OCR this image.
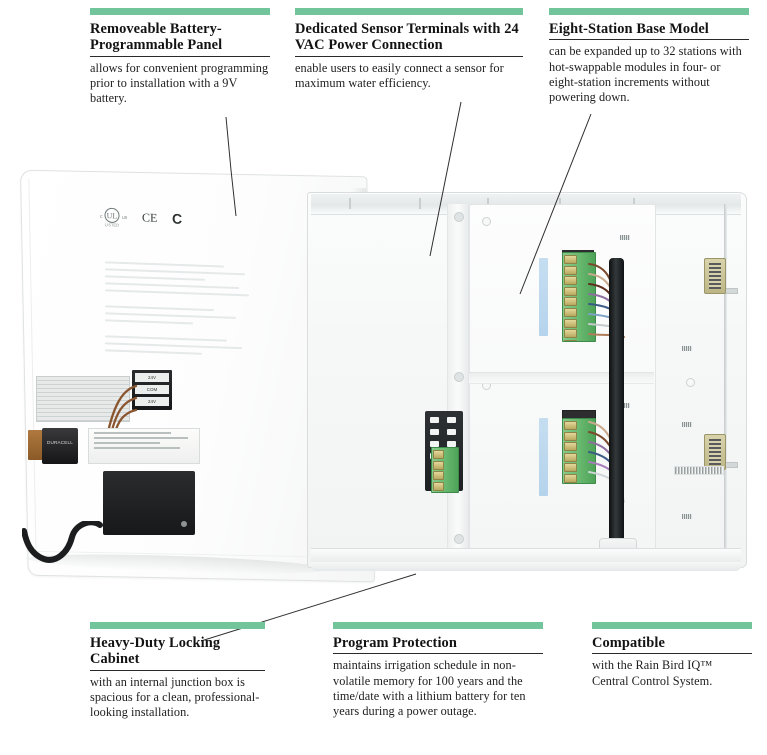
UL
c	us
LISTED CE C
24V
COM
24V
DURACELL
Removeable Battery-Programmable Panel
allows for convenient programming prior to installation with a 9V battery.
Dedicated Sensor Terminals with 24 VAC Power Connection
enable users to easily connect a sensor for maximum water efficiency.
Eight-Station Base Model
can be expanded up to 32 stations with hot-swappable modules in four- or eight-station increments without powering down.
Heavy-Duty Locking Cabinet
with an internal junction box is spacious for a clean, professional-looking installation.
Program Protection
maintains irrigation schedule in non-volatile memory for 100 years and the time/date with a lithium battery for ten years during a power outage.
Compatible
with the Rain Bird IQ™ Central Control System.
